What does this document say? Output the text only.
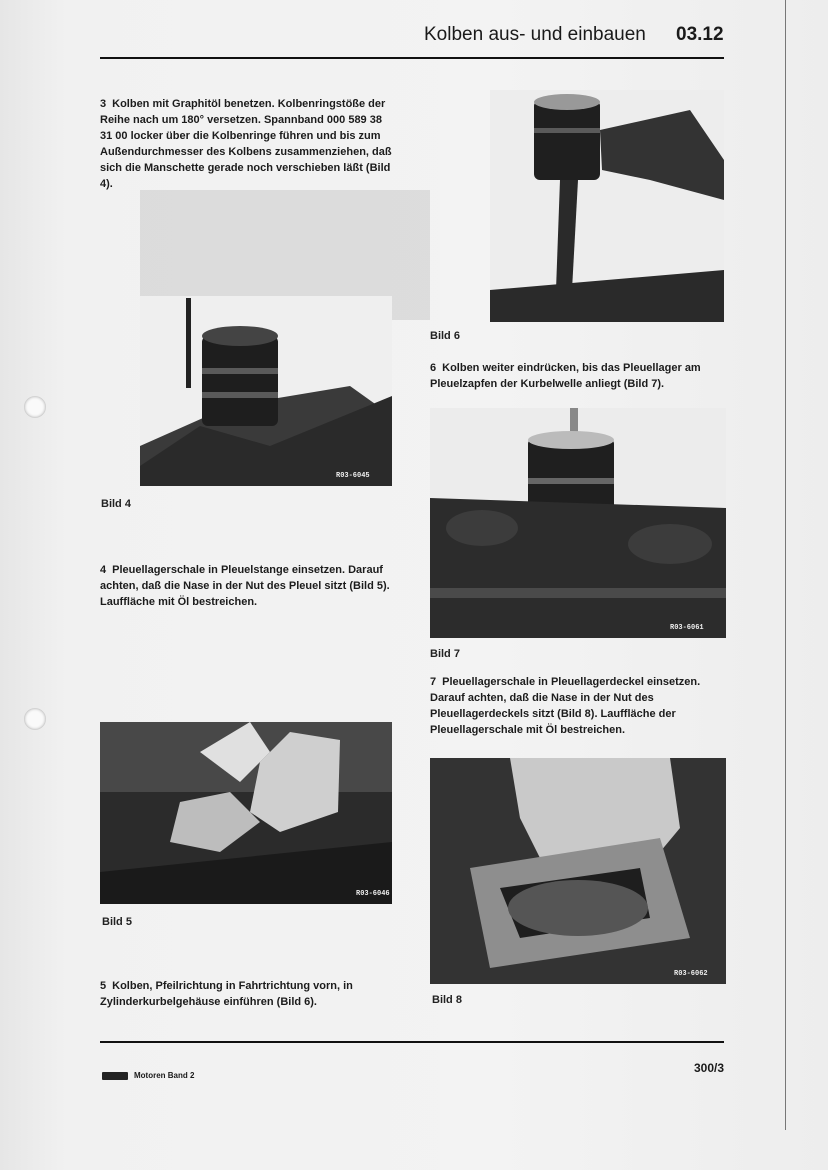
Kolben aus- und einbauen 03.12
3 Kolben mit Graphitöl benetzen. Kolbenringstöße der Reihe nach um 180° versetzen. Spannband 000 589 38 31 00 locker über die Kolbenringe führen und bis zum Außendurchmesser des Kolbens zusammenziehen, daß sich die Manschette gerade noch verschieben läßt (Bild 4).
R03-6045
Bild 4
4 Pleuellagerschale in Pleuelstange einsetzen. Darauf achten, daß die Nase in der Nut des Pleuel sitzt (Bild 5). Lauffläche mit Öl bestreichen.
R03-6046
Bild 5
5 Kolben, Pfeilrichtung in Fahrtrichtung vorn, in Zylinderkurbelgehäuse einführen (Bild 6).
Bild 6
6 Kolben weiter eindrücken, bis das Pleuellager am Pleuelzapfen der Kurbelwelle anliegt (Bild 7).
R03-6061
Bild 7
7 Pleuellagerschale in Pleuellagerdeckel einsetzen. Darauf achten, daß die Nase in der Nut des Pleuellagerdeckels sitzt (Bild 8). Lauffläche der Pleuellagerschale mit Öl bestreichen.
R03-6062
Bild 8
Motoren Band 2
300/3
